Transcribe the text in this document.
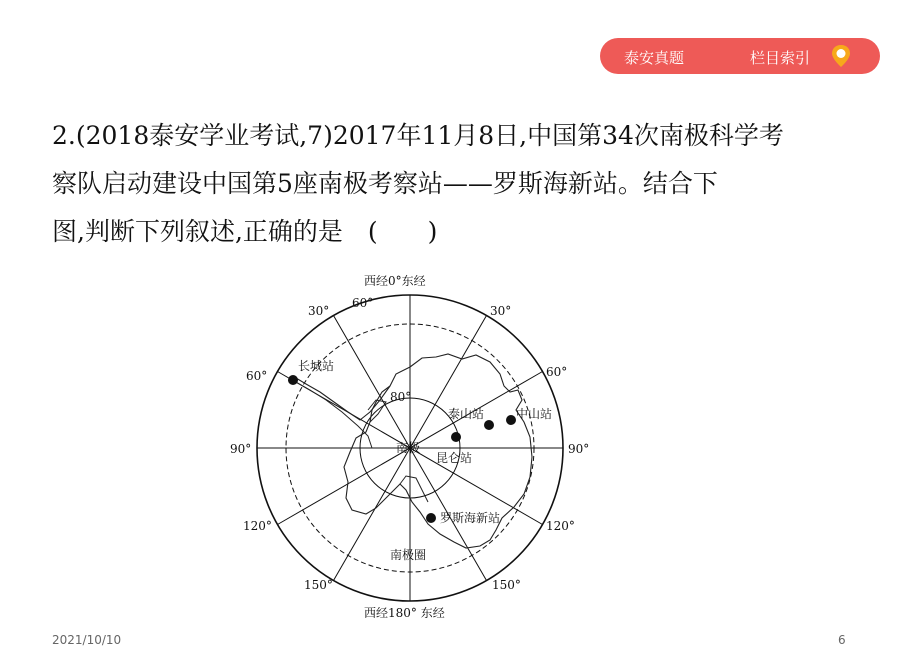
泰安真题	栏目索引
2.(2018泰安学业考试,7)2017年11月8日,中国第34次南极科学考
察队启动建设中国第5座南极考察站——罗斯海新站。结合下
图,判断下列叙述,正确的是　(　　)
西经0°东经
西经180° 东经
30°
60°
30°
60°	60°
90°	90°
120°	120°
150°	150°
80°
南极
南极圈
长城站
泰山站	中山站
昆仑站
罗斯海新站
2021/10/10	6
